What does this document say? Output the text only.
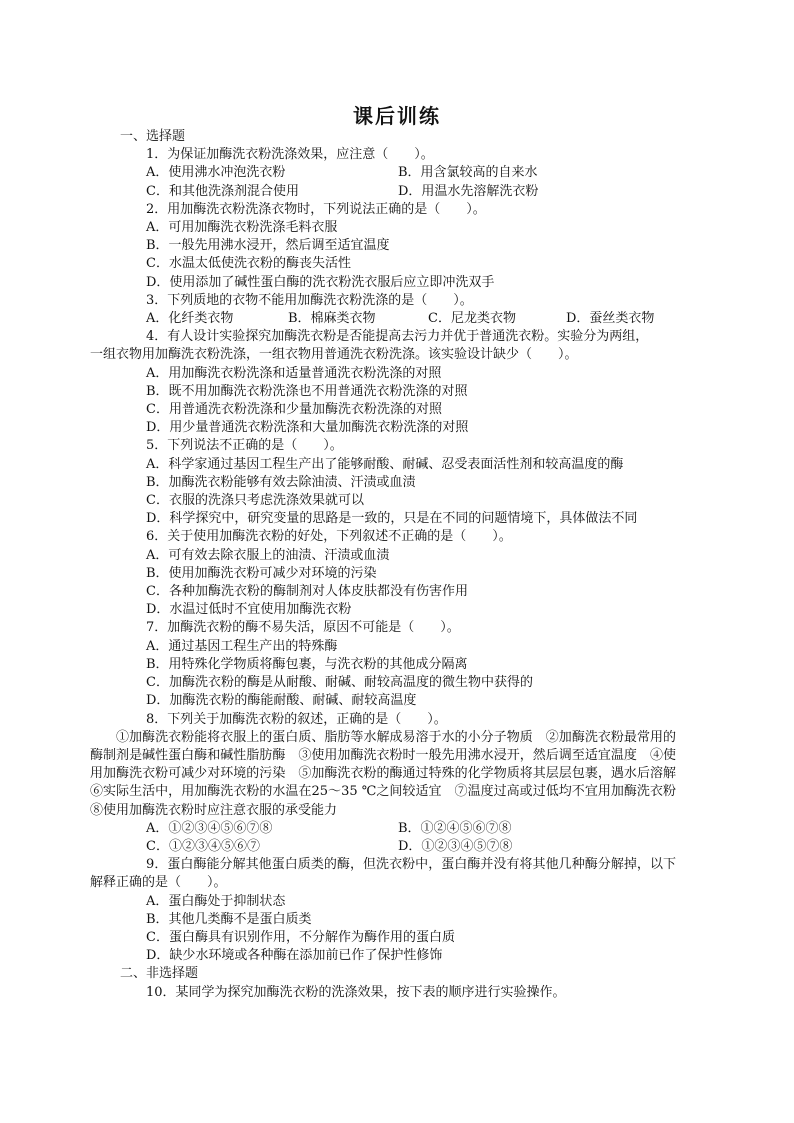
课后训练

一、选择题

1．为保证加酶洗衣粉洗涤效果，应注意（　　）。

A．使用沸水冲泡洗衣粉	B．用含氯较高的自来水
C．和其他洗涤剂混合使用	D．用温水先溶解洗衣粉

2．用加酶洗衣粉洗涤衣物时，下列说法正确的是（　　）。

A．可用加酶洗衣粉洗涤毛料衣服

B．一般先用沸水浸开，然后调至适宜温度

C．水温太低使洗衣粉的酶丧失活性

D．使用添加了碱性蛋白酶的洗衣粉洗衣服后应立即冲洗双手

3．下列质地的衣物不能用加酶洗衣粉洗涤的是（　　）。

A．化纤类衣物	B．棉麻类衣物	C．尼龙类衣物	D．蚕丝类衣物

4．有人设计实验探究加酶洗衣粉是否能提高去污力并优于普通洗衣粉。实验分为两组，

一组衣物用加酶洗衣粉洗涤，一组衣物用普通洗衣粉洗涤。该实验设计缺少（　　）。

A．用加酶洗衣粉洗涤和适量普通洗衣粉洗涤的对照

B．既不用加酶洗衣粉洗涤也不用普通洗衣粉洗涤的对照

C．用普通洗衣粉洗涤和少量加酶洗衣粉洗涤的对照

D．用少量普通洗衣粉洗涤和大量加酶洗衣粉洗涤的对照

5．下列说法不正确的是（　　）。

A．科学家通过基因工程生产出了能够耐酸、耐碱、忍受表面活性剂和较高温度的酶

B．加酶洗衣粉能够有效去除油渍、汗渍或血渍

C．衣服的洗涤只考虑洗涤效果就可以

D．科学探究中，研究变量的思路是一致的，只是在不同的问题情境下，具体做法不同

6．关于使用加酶洗衣粉的好处，下列叙述不正确的是（　　）。

A．可有效去除衣服上的油渍、汗渍或血渍

B．使用加酶洗衣粉可减少对环境的污染

C．各种加酶洗衣粉的酶制剂对人体皮肤都没有伤害作用

D．水温过低时不宜使用加酶洗衣粉

7．加酶洗衣粉的酶不易失活，原因不可能是（　　）。

A．通过基因工程生产出的特殊酶

B．用特殊化学物质将酶包裹，与洗衣粉的其他成分隔离

C．加酶洗衣粉的酶是从耐酸、耐碱、耐较高温度的微生物中获得的

D．加酶洗衣粉的酶能耐酸、耐碱、耐较高温度

8．下列关于加酶洗衣粉的叙述，正确的是（　　）。

①加酶洗衣粉能将衣服上的蛋白质、脂肪等水解成易溶于水的小分子物质　②加酶洗衣粉最常用的酶制剂是碱性蛋白酶和碱性脂肪酶　③使用加酶洗衣粉时一般先用沸水浸开，然后调至适宜温度　④使用加酶洗衣粉可减少对环境的污染　⑤加酶洗衣粉的酶通过特殊的化学物质将其层层包裹，遇水后溶解　⑥实际生活中，用加酶洗衣粉的水温在25～35 ℃之间较适宜　⑦温度过高或过低均不宜用加酶洗衣粉　⑧使用加酶洗衣粉时应注意衣服的承受能力

A．①②③④⑤⑥⑦⑧	B．①②④⑤⑥⑦⑧
C．①②③④⑤⑥⑦	D．①②③④⑤⑦⑧

9．蛋白酶能分解其他蛋白质类的酶，但洗衣粉中，蛋白酶并没有将其他几种酶分解掉，以下解释正确的是（　　）。

A．蛋白酶处于抑制状态

B．其他几类酶不是蛋白质类

C．蛋白酶具有识别作用，不分解作为酶作用的蛋白质

D．缺少水环境或各种酶在添加前已作了保护性修饰

二、非选择题

10．某同学为探究加酶洗衣粉的洗涤效果，按下表的顺序进行实验操作。
